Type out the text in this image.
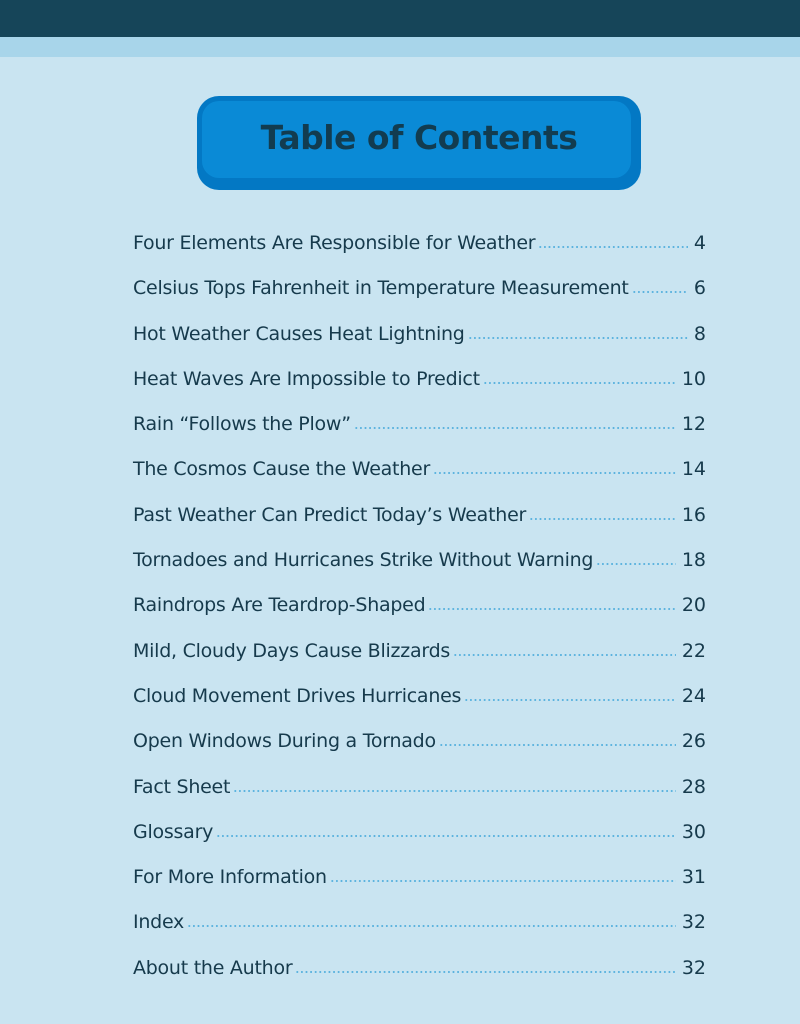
Table of Contents
Four Elements Are Responsible for Weather	4
Celsius Tops Fahrenheit in Temperature Measurement	6
Hot Weather Causes Heat Lightning	8
Heat Waves Are Impossible to Predict	10
Rain “Follows the Plow”	12
The Cosmos Cause the Weather	14
Past Weather Can Predict Today’s Weather	16
Tornadoes and Hurricanes Strike Without Warning	18
Raindrops Are Teardrop-Shaped	20
Mild, Cloudy Days Cause Blizzards	22
Cloud Movement Drives Hurricanes	24
Open Windows During a Tornado	26
Fact Sheet	28
Glossary	30
For More Information	31
Index	32
About the Author	32
